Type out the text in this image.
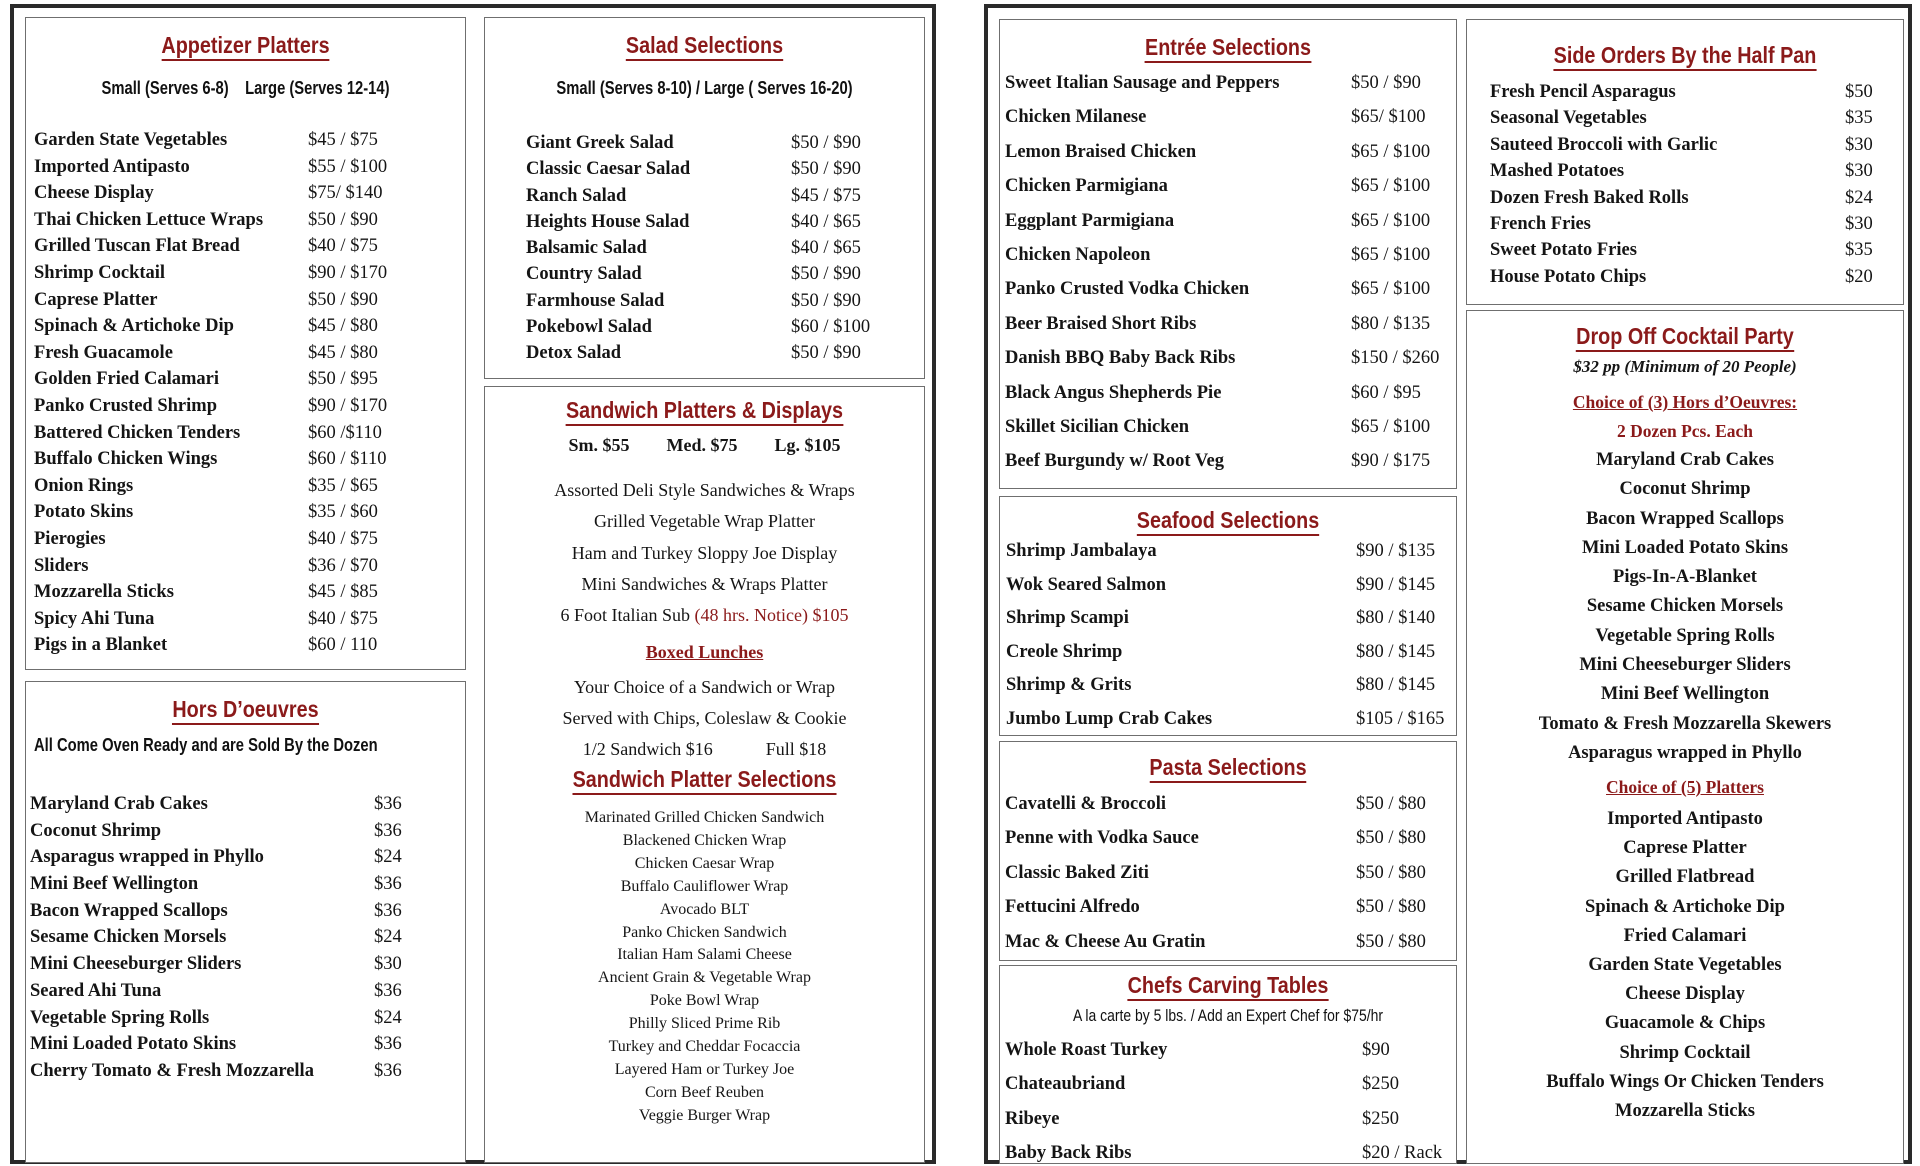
Appetizer Platters
Small (Serves 6-8)    Large (Serves 12-14)
Garden State Vegetables	$45 / $75
Imported Antipasto	$55 / $100
Cheese Display	$75/ $140
Thai Chicken Lettuce Wraps $50 / $90
Grilled Tuscan Flat Bread	$40 / $75
Shrimp Cocktail	$90 / $170
Caprese Platter	$50 / $90
Spinach & Artichoke Dip	$45 / $80
Fresh Guacamole	$45 / $80
Golden Fried Calamari	$50 / $95
Panko Crusted Shrimp	$90 / $170
Battered Chicken Tenders	$60 /$110
Buffalo Chicken Wings	$60 / $110
Onion Rings	$35 / $65
Potato Skins	$35 / $60
Pierogies	$40 / $75
Sliders	$36 / $70
Mozzarella Sticks	$45 / $85
Spicy Ahi Tuna	$40 / $75
Pigs in a Blanket	$60 / 110
Hors D’oeuvres
All Come Oven Ready and are Sold By the Dozen
Maryland Crab Cakes	$36
Coconut Shrimp	$36
Asparagus wrapped in Phyllo	$24
Mini Beef Wellington	$36
Bacon Wrapped Scallops	$36
Sesame Chicken Morsels	$24
Mini Cheeseburger Sliders	$30
Seared Ahi Tuna	$36
Vegetable Spring Rolls	$24
Mini Loaded Potato Skins	$36
Cherry Tomato & Fresh Mozzarella	$36
Salad Selections
Small (Serves 8-10) / Large ( Serves 16-20)
Giant Greek Salad	$50 / $90
Classic Caesar Salad	$50 / $90
Ranch Salad	$45 / $75
Heights House Salad	$40 / $65
Balsamic Salad	$40 / $65
Country Salad	$50 / $90
Farmhouse Salad	$50 / $90
Pokebowl Salad	$60 / $100
Detox Salad	$50 / $90
Sandwich Platters & Displays
Sm. $55 Med. $75 Lg. $105
Assorted Deli Style Sandwiches & Wraps
Grilled Vegetable Wrap Platter
Ham and Turkey Sloppy Joe Display
Mini Sandwiches & Wraps Platter
6 Foot Italian Sub (48 hrs. Notice) $105
Boxed Lunches
Your Choice of a Sandwich or Wrap
Served with Chips, Coleslaw & Cookie
1/2 Sandwich $16	Full $18
Sandwich Platter Selections
Marinated Grilled Chicken Sandwich
Blackened Chicken Wrap
Chicken Caesar Wrap
Buffalo Cauliflower Wrap
Avocado BLT
Panko Chicken Sandwich
Italian Ham Salami Cheese
Ancient Grain & Vegetable Wrap
Poke Bowl Wrap
Philly Sliced Prime Rib
Turkey and Cheddar Focaccia
Layered Ham or Turkey Joe
Corn Beef Reuben
Veggie Burger Wrap
Entrée Selections
Sweet Italian Sausage and Peppers	$50 / $90
Chicken Milanese	$65/ $100
Lemon Braised Chicken	$65 / $100
Chicken Parmigiana	$65 / $100
Eggplant Parmigiana	$65 / $100
Chicken Napoleon	$65 / $100
Panko Crusted Vodka Chicken	$65 / $100
Beer Braised Short Ribs	$80 / $135
Danish BBQ Baby Back Ribs	$150 / $260
Black Angus Shepherds Pie	$60 / $95
Skillet Sicilian Chicken	$65 / $100
Beef Burgundy w/ Root Veg	$90 / $175
Seafood Selections
Shrimp Jambalaya	$90 / $135
Wok Seared Salmon	$90 / $145
Shrimp Scampi	$80 / $140
Creole Shrimp	$80 / $145
Shrimp & Grits	$80 / $145
Jumbo Lump Crab Cakes	$105 / $165
Pasta Selections
Cavatelli & Broccoli	$50 / $80
Penne with Vodka Sauce	$50 / $80
Classic Baked Ziti	$50 / $80
Fettucini Alfredo	$50 / $80
Mac & Cheese Au Gratin	$50 / $80
Chefs Carving Tables
A la carte by 5 lbs. / Add an Expert Chef for $75/hr
Whole Roast Turkey	$90
Chateaubriand	$250
Ribeye	$250
Baby Back Ribs	$20 / Rack
Side Orders By the Half Pan
Fresh Pencil Asparagus	$50
Seasonal Vegetables	$35
Sauteed Broccoli with Garlic	$30
Mashed Potatoes	$30
Dozen Fresh Baked Rolls	$24
French Fries	$30
Sweet Potato Fries	$35
House Potato Chips	$20
Drop Off Cocktail Party
$32 pp (Minimum of 20 People)
Choice of (3) Hors d’Oeuvres:
2 Dozen Pcs. Each
Maryland Crab Cakes
Coconut Shrimp
Bacon Wrapped Scallops
Mini Loaded Potato Skins
Pigs-In-A-Blanket
Sesame Chicken Morsels
Vegetable Spring Rolls
Mini Cheeseburger Sliders
Mini Beef Wellington
Tomato & Fresh Mozzarella Skewers
Asparagus wrapped in Phyllo
Choice of (5) Platters
Imported Antipasto
Caprese Platter
Grilled Flatbread
Spinach & Artichoke Dip
Fried Calamari
Garden State Vegetables
Cheese Display
Guacamole & Chips
Shrimp Cocktail
Buffalo Wings Or Chicken Tenders
Mozzarella Sticks
